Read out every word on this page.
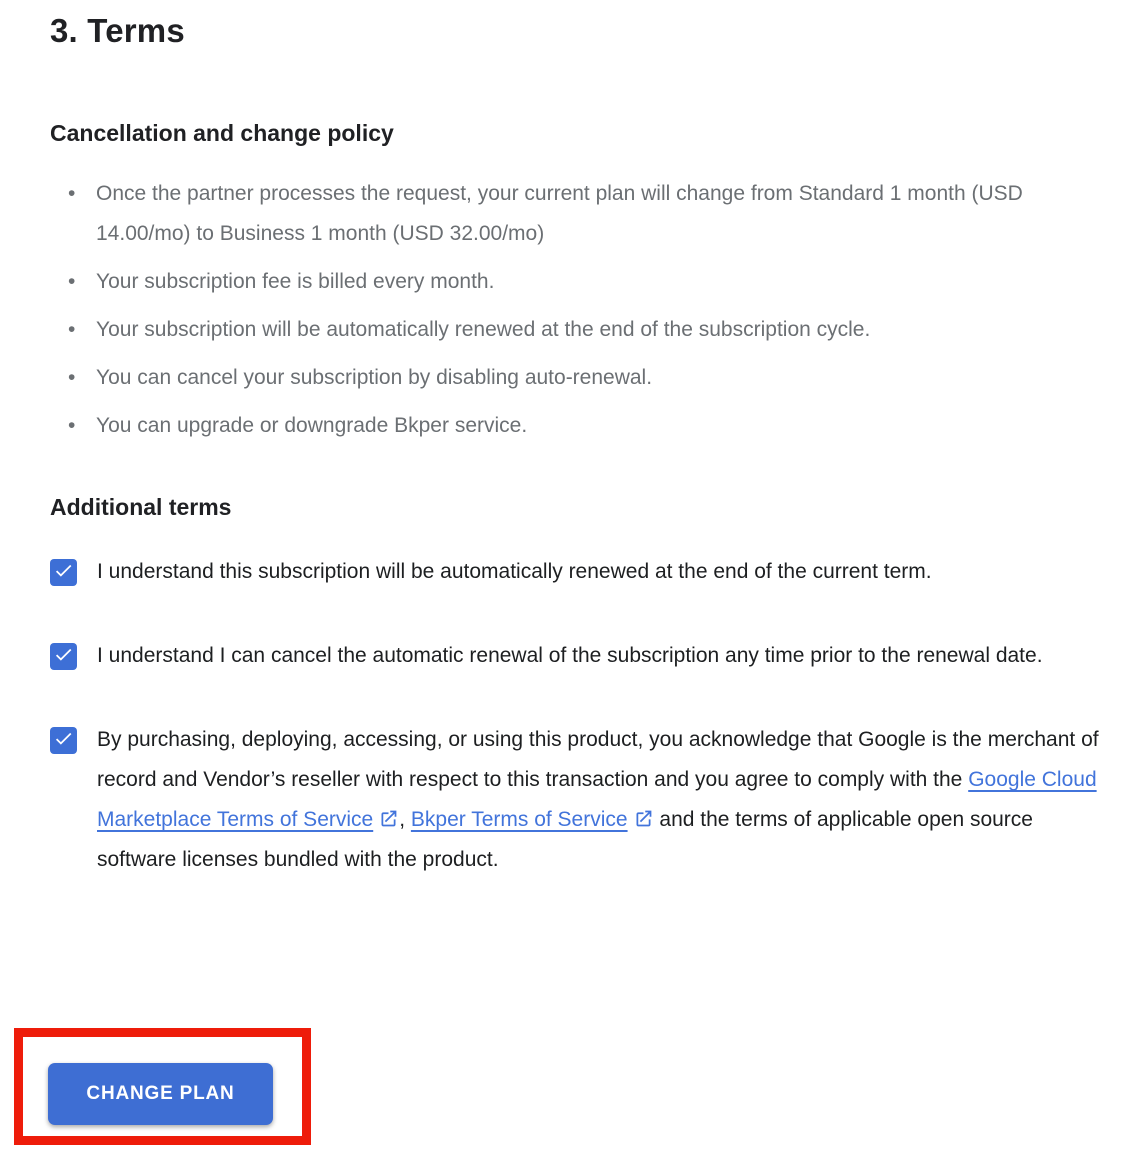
3. Terms
Cancellation and change policy
• Once the partner processes the request, your current plan will change from Standard 1 month (USD 14.00/mo) to Business 1 month (USD 32.00/mo)
• Your subscription fee is billed every month.
• Your subscription will be automatically renewed at the end of the subscription cycle.
• You can cancel your subscription by disabling auto-renewal.
• You can upgrade or downgrade Bkper service.
Additional terms
I understand this subscription will be automatically renewed at the end of the current term.
I understand I can cancel the automatic renewal of the subscription any time prior to the renewal date.
By purchasing, deploying, accessing, or using this product, you acknowledge that Google is the merchant of record and Vendor’s reseller with respect to this transaction and you agree to comply with the Google Cloud Marketplace Terms of Service , Bkper Terms of Service and the terms of applicable open source software licenses bundled with the product.
CHANGE PLAN
